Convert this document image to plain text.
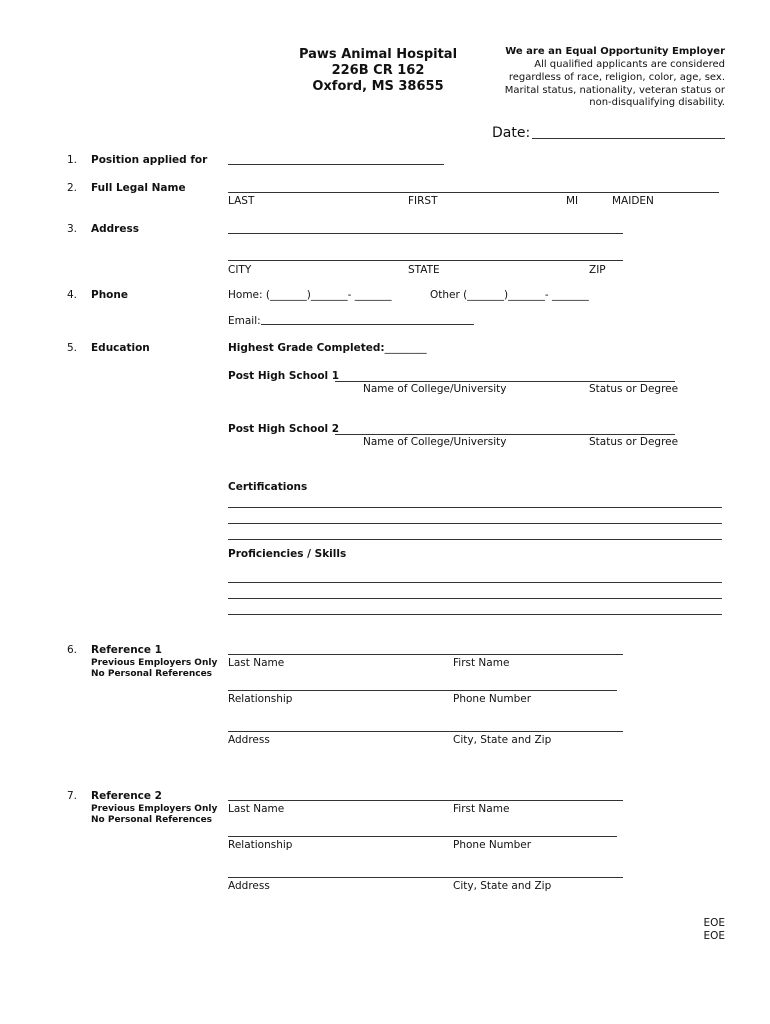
Paws Animal Hospital
226B CR 162
Oxford, MS 38655
We are an Equal Opportunity Employer
All qualified applicants are considered
regardless of race, religion, color, age, sex.
Marital status, nationality, veteran status or
non-disqualifying disability.
Date:
1. Position applied for
2. Full Legal Name
LAST	FIRST	MI	MAIDEN
3. Address
CITY	STATE	ZIP
4. Phone	Home: (_______)_______- _______	Other (_______)_______- _______
Email:
5. Education	Highest Grade Completed:________
Post High School 1
Name of College/University	Status or Degree
Post High School 2
Name of College/University	Status or Degree
Certifications
Proficiencies / Skills
6. Reference 1
Previous Employers Only
No Personal References
Last Name	First Name
Relationship	Phone Number
Address	City, State and Zip
7. Reference 2
Previous Employers Only
No Personal References
Last Name	First Name
Relationship	Phone Number
Address	City, State and Zip
EOE
EOE
